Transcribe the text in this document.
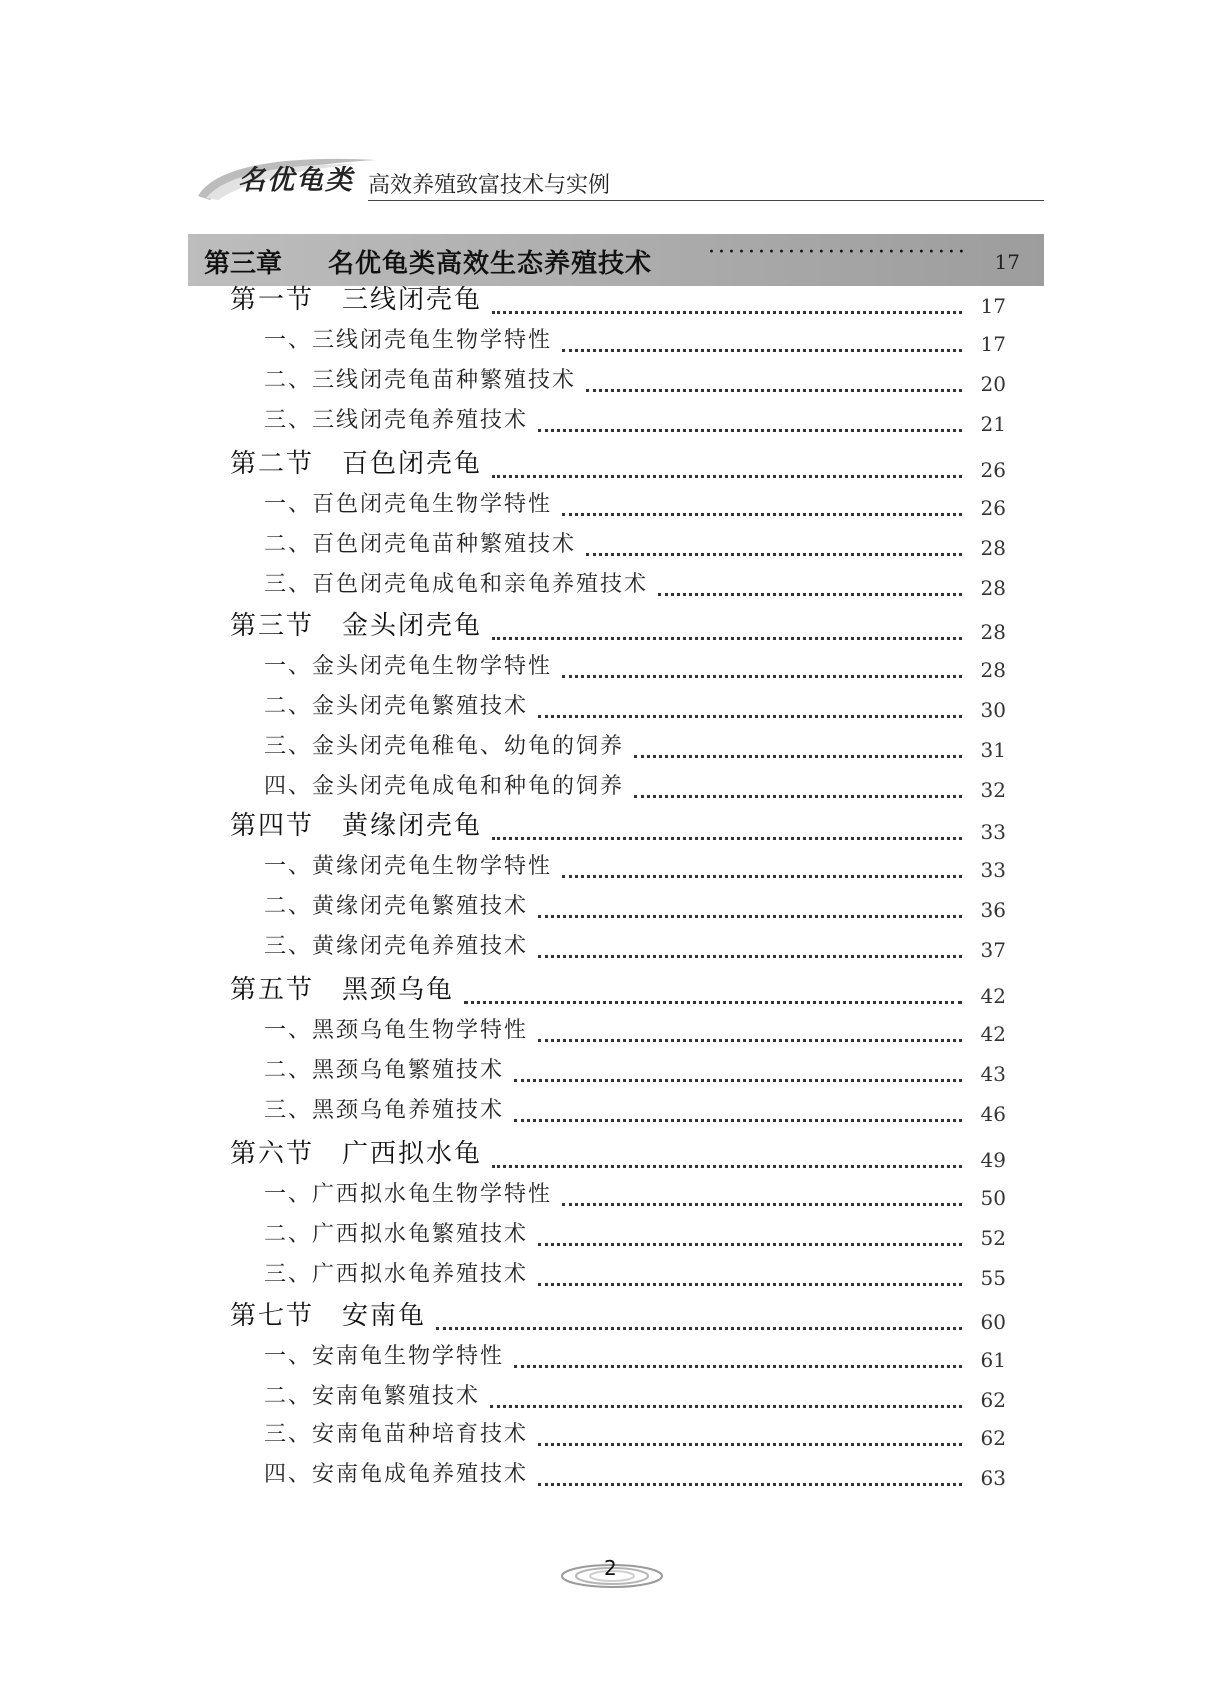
名优龟类 高效养殖致富技术与实例
第三章 名优龟类高效生态养殖技术	·························· 17
第一节　三线闭壳龟	17
一、三线闭壳龟生物学特性	17
二、三线闭壳龟苗种繁殖技术	20
三、三线闭壳龟养殖技术	21
第二节　百色闭壳龟	26
一、百色闭壳龟生物学特性	26
二、百色闭壳龟苗种繁殖技术	28
三、百色闭壳龟成龟和亲龟养殖技术	28
第三节　金头闭壳龟	28
一、金头闭壳龟生物学特性	28
二、金头闭壳龟繁殖技术	30
三、金头闭壳龟稚龟、幼龟的饲养	31
四、金头闭壳龟成龟和种龟的饲养	32
第四节　黄缘闭壳龟	33
一、黄缘闭壳龟生物学特性	33
二、黄缘闭壳龟繁殖技术	36
三、黄缘闭壳龟养殖技术	37
第五节　黑颈乌龟	42
一、黑颈乌龟生物学特性	42
二、黑颈乌龟繁殖技术	43
三、黑颈乌龟养殖技术	46
第六节　广西拟水龟	49
一、广西拟水龟生物学特性	50
二、广西拟水龟繁殖技术	52
三、广西拟水龟养殖技术	55
第七节　安南龟	60
一、安南龟生物学特性	61
二、安南龟繁殖技术	62
三、安南龟苗种培育技术	62
四、安南龟成龟养殖技术	63
2
